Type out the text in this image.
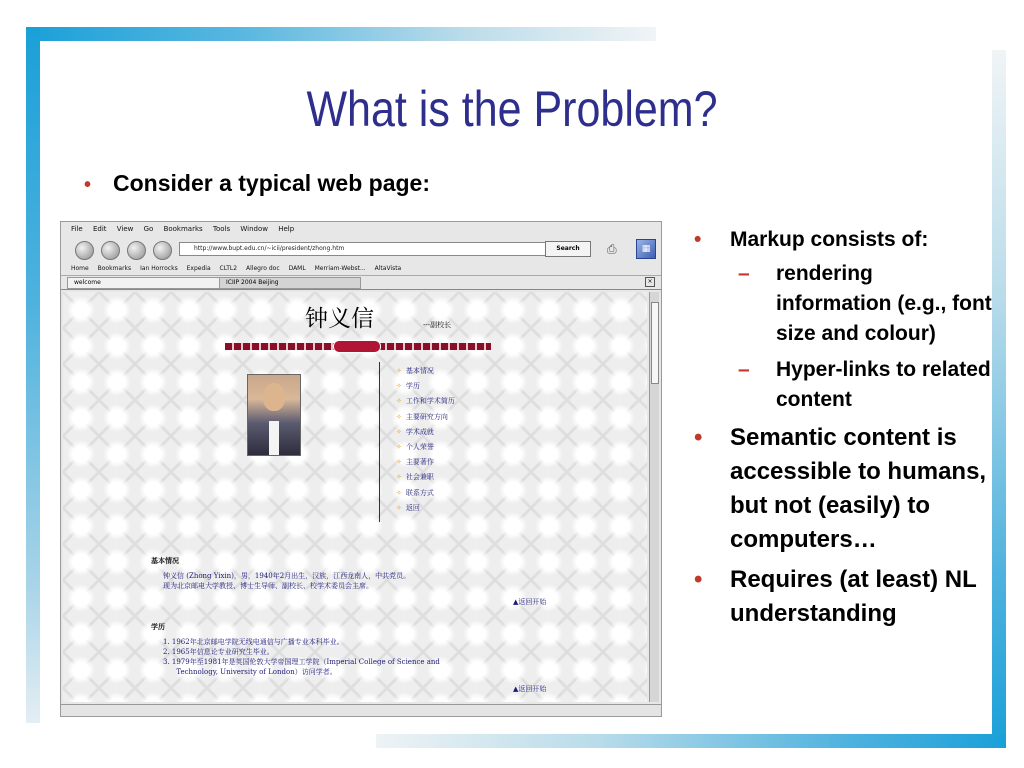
What is the Problem?
• Consider a typical web page:
File Edit View Go Bookmarks Tools Window Help
http://www.bupt.edu.cn/~icii/president/zhong.htm	Search	⎙	▦
Home Bookmarks Ian Horrocks Expedia CLTL2 Allegro doc DAML Merriam-Webst... AltaVista
welcome	ICIIP 2004 Beijing	×
钟义信	---副校长
✧ 基本情况
✧ 学历
✧ 工作和学术简历
✧ 主要研究方向
✧ 学术成就
✧ 个人荣誉
✧ 主要著作
✧ 社会兼职
✧ 联系方式
✧ 返回
基本情况
钟义信 (Zhong Yixin)，男，1940年2月出生，汉族，江西龙南人，中共党员。
现为北京邮电大学教授、博士生导师、副校长、校学术委员会主席。
▲返回开始
学历
1. 1962年北京邮电学院无线电通信与广播专业本科毕业。
2. 1965年信息论专业研究生毕业。
3. 1979年至1981年是英国伦敦大学帝国理工学院（Imperial College of Science and
Technology, University of London）访问学者。
▲返回开始
• Markup consists of:
– rendering information (e.g., font size and colour)
– Hyper-links to related content
• Semantic content is accessible to humans, but not (easily) to computers…
• Requires (at least) NL understanding
